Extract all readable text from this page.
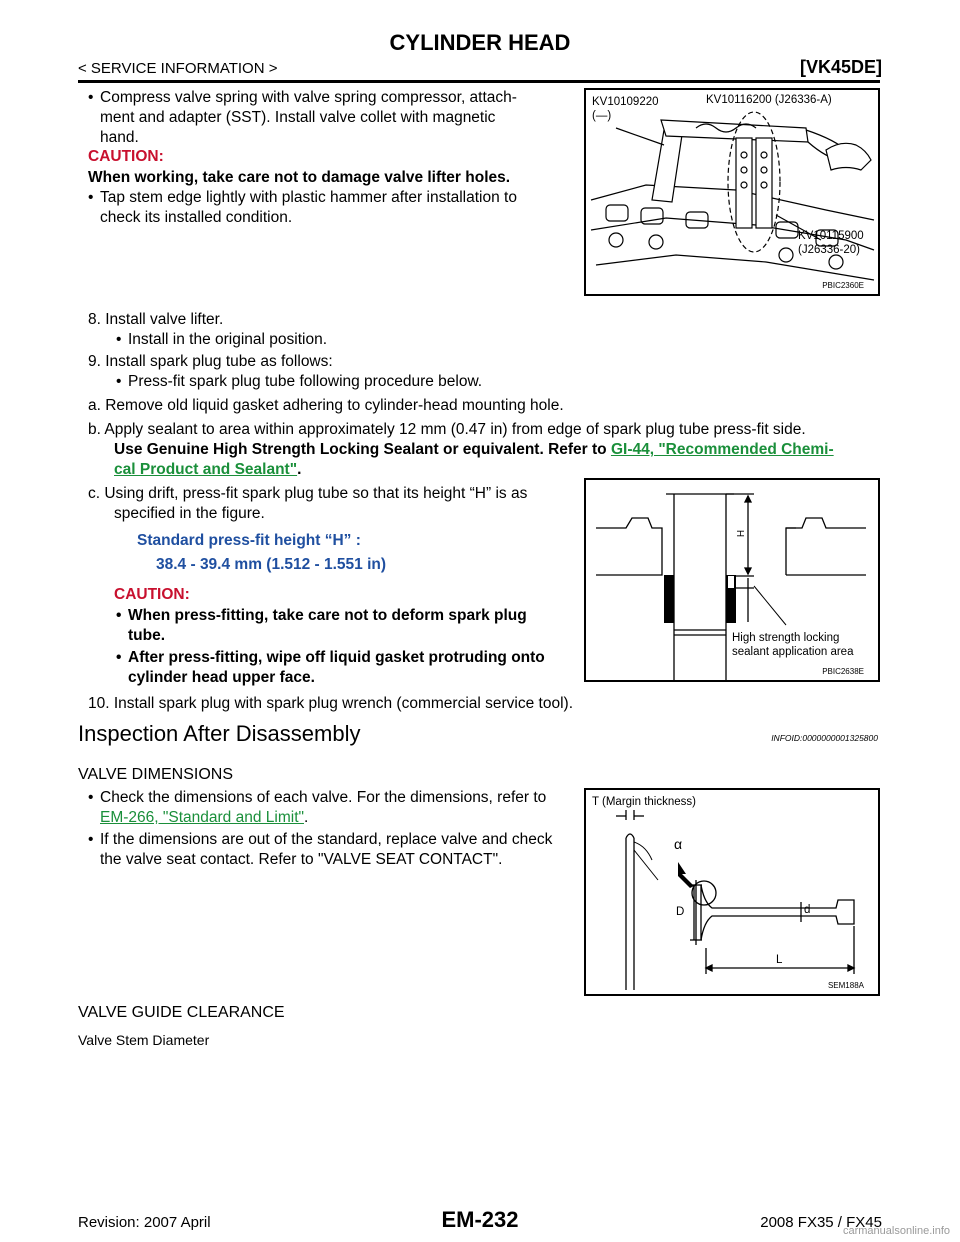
CYLINDER HEAD
< SERVICE INFORMATION >	[VK45DE]
• Compress valve spring with valve spring compressor, attach-
ment and adapter (SST). Install valve collet with magnetic
hand.
CAUTION:
When working, take care not to damage valve lifter holes.
• Tap stem edge lightly with plastic hammer after installation to
check its installed condition.
KV10109220
(—)
KV10116200 (J26336-A)
KV10115900
(J26336-20)
PBIC2360E
8. Install valve lifter.
• Install in the original position.
9. Install spark plug tube as follows:
• Press-fit spark plug tube following procedure below.
a. Remove old liquid gasket adhering to cylinder-head mounting hole.
b. Apply sealant to area within approximately 12 mm (0.47 in) from edge of spark plug tube press-fit side.
Use Genuine High Strength Locking Sealant or equivalent. Refer to GI-44, "Recommended Chemi-
cal Product and Sealant".
c. Using drift, press-fit spark plug tube so that its height “H” is as
specified in the figure.
Standard press-fit height “H” :
38.4 - 39.4 mm (1.512 - 1.551 in)
CAUTION:
• When press-fitting, take care not to deform spark plug
tube.
• After press-fitting, wipe off liquid gasket protruding onto
cylinder head upper face.
H
High strength locking
sealant application area
PBIC2638E
10. Install spark plug with spark plug wrench (commercial service tool).
Inspection After Disassembly	INFOID:0000000001325800
VALVE DIMENSIONS
• Check the dimensions of each valve. For the dimensions, refer to
EM-266, "Standard and Limit".
• If the dimensions are out of the standard, replace valve and check
the valve seat contact. Refer to "VALVE SEAT CONTACT".
T (Margin thickness)
α
D	d
L
SEM188A
VALVE GUIDE CLEARANCE
Valve Stem Diameter
Revision: 2007 April	EM-232	2008 FX35 / FX45
carmanualsonline.info
